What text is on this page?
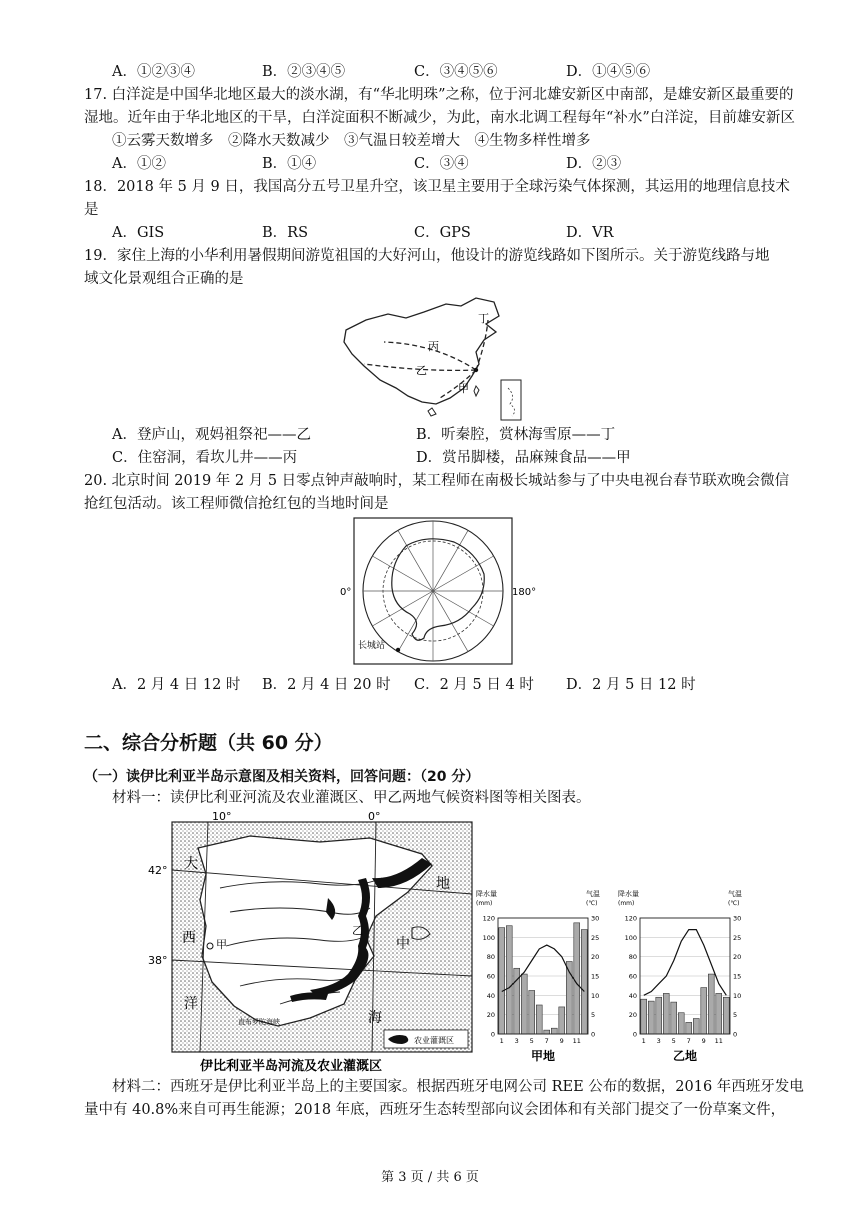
A．①②③④	B．②③④⑤	C．③④⑤⑥	D．①④⑤⑥
17. 白洋淀是中国华北地区最大的淡水湖，有“华北明珠”之称，位于河北雄安新区中南部，是雄安新区最重要的
湿地。近年由于华北地区的干旱，白洋淀面积不断减少，为此，南水北调工程每年“补水”白洋淀，目前雄安新区
①云雾天数增多　②降水天数减少　③气温日较差增大　④生物多样性增多
A．①②	B．①④	C．③④	D．②③
18．2018 年 5 月 9 日，我国高分五号卫星升空，该卫星主要用于全球污染气体探测，其运用的地理信息技术
是
A．GIS	B．RS	C．GPS	D．VR
19．家住上海的小华利用暑假期间游览祖国的大好河山，他设计的游览线路如下图所示。关于游览线路与地
域文化景观组合正确的是
丁
丙
乙
甲
A．登庐山，观妈祖祭祀——乙	B．听秦腔，赏林海雪原——丁
C．住窑洞，看坎儿井——丙	D．赏吊脚楼，品麻辣食品——甲
20. 北京时间 2019 年 2 月 5 日零点钟声敲响时，某工程师在南极长城站参与了中央电视台春节联欢晚会微信
抢红包活动。该工程师微信抢红包的当地时间是
0°	180°
长城站
A．2 月 4 日 12 时 B．2 月 4 日 20 时 C．2 月 5 日 4 时 D．2 月 5 日 12 时
二、综合分析题（共 60 分）
（一）读伊比利亚半岛示意图及相关资料，回答问题：（20 分）
材料一：读伊比利亚河流及农业灌溉区、甲乙两地气候资料图等相关图表。
10°	0°
42°
38°
大
西
洋
地
中
海
甲
乙
直布罗陀海峡
农业灌溉区
伊比利亚半岛河流及农业灌溉区
降水量
(mm)
气温
(℃)
0
20
40
60
80
100
120
0
5
10
15
20
25
30
1 3 5 7 9 11
甲地
降水量
(mm)
气温
(℃)
0
20
40
60
80
100
120
0
5
10
15
20
25
30
1 3 5 7 9 11
乙地
材料二：西班牙是伊比利亚半岛上的主要国家。根据西班牙电网公司 REE 公布的数据，2016 年西班牙发电
量中有 40.8%来自可再生能源；2018 年底，西班牙生态转型部向议会团体和有关部门提交了一份草案文件，
第 3 页 / 共 6 页
